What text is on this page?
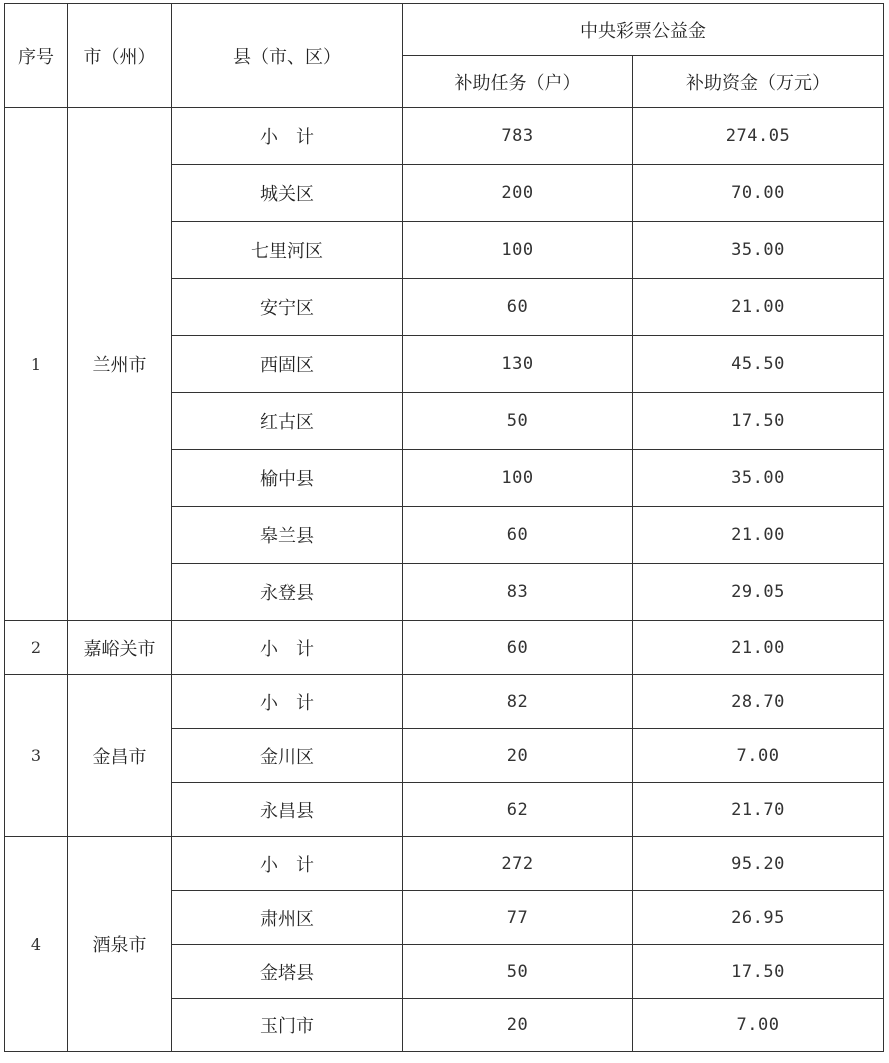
序号	市（州）	县（市、区）	中央彩票公益金	
			补助任务（户）	补助资金（万元）
1	兰州市	小　计	783	274.05
		城关区	200	70.00
		七里河区	100	35.00
		安宁区	60	21.00
		西固区	130	45.50
		红古区	50	17.50
		榆中县	100	35.00
		皋兰县	60	21.00
		永登县	83	29.05
2	嘉峪关市	小　计	60	21.00
3	金昌市	小　计	82	28.70
		金川区	20	7.00
		永昌县	62	21.70
4	酒泉市	小　计	272	95.20
		肃州区	77	26.95
		金塔县	50	17.50
		玉门市	20	7.00
